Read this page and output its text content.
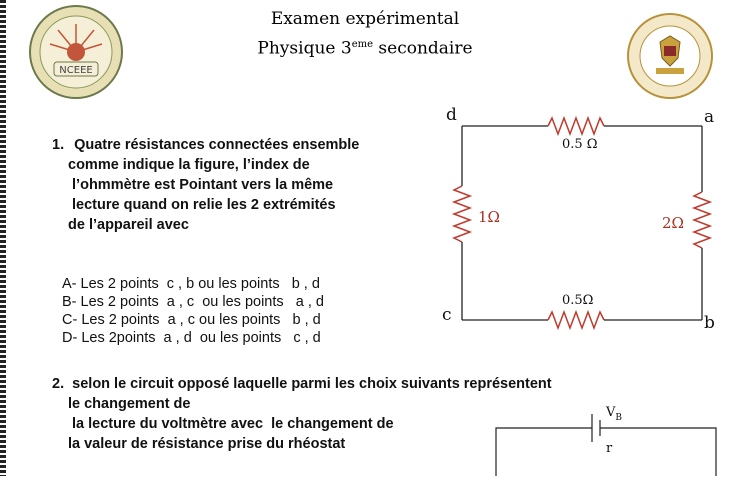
NCEEE
Examen expérimental
Physique 3eme secondaire
1. Quatre résistances connectées ensemble
comme indique la figure, l’index de
l’ohmmètre est Pointant vers la même
lecture quand on relie les 2 extrémités
de l’appareil avec
A- Les 2 points  c , b ou les points   b , d
B- Les 2 points  a , c  ou les points   a , d
C- Les 2 points  a , c ou les points   b , d
D- Les 2points  a , d  ou les points   c , d
d	a
c	b
0.5 Ω
0.5Ω
1Ω	2Ω
2. selon le circuit opposé laquelle parmi les choix suivants représentent
le changement de
la lecture du voltmètre avec  le changement de
la valeur de résistance prise du rhéostat
$V_B$
r
